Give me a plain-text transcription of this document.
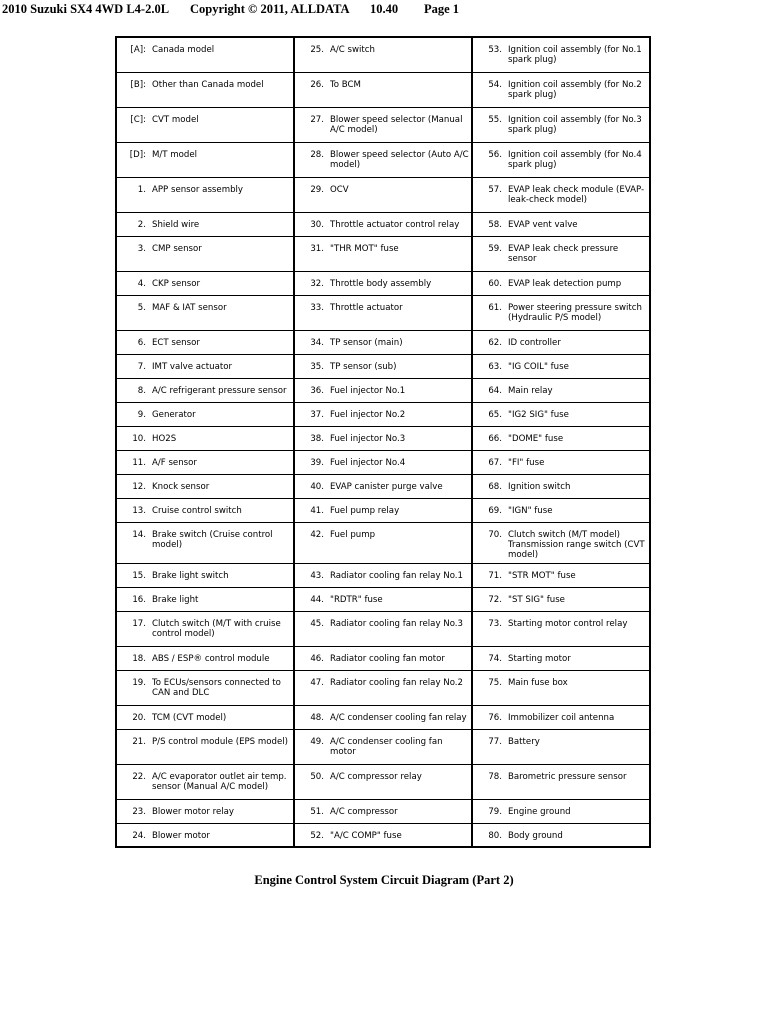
2010 Suzuki SX4 4WD L4-2.0L Copyright © 2011, ALLDATA 10.40 Page 1
[A]:	Canada model	25.	A/C switch	53.	Ignition coil assembly (for No.1 spark plug)
[B]:	Other than Canada model	26.	To BCM	54.	Ignition coil assembly (for No.2 spark plug)
[C]:	CVT model	27.	Blower speed selector (Manual A/C model)	55.	Ignition coil assembly (for No.3 spark plug)
[D]:	M/T model	28.	Blower speed selector (Auto A/C model)	56.	Ignition coil assembly (for No.4 spark plug)
1.	APP sensor assembly	29.	OCV	57.	EVAP leak check module (EVAP-leak-check model)
2.	Shield wire	30.	Throttle actuator control relay	58.	EVAP vent valve
3.	CMP sensor	31.	"THR MOT" fuse	59.	EVAP leak check pressure sensor
4.	CKP sensor	32.	Throttle body assembly	60.	EVAP leak detection pump
5.	MAF & IAT sensor	33.	Throttle actuator	61.	Power steering pressure switch (Hydraulic P/S model)
6.	ECT sensor	34.	TP sensor (main)	62.	ID controller
7.	IMT valve actuator	35.	TP sensor (sub)	63.	"IG COIL" fuse
8.	A/C refrigerant pressure sensor	36.	Fuel injector No.1	64.	Main relay
9.	Generator	37.	Fuel injector No.2	65.	"IG2 SIG" fuse
10.	HO2S	38.	Fuel injector No.3	66.	"DOME" fuse
11.	A/F sensor	39.	Fuel injector No.4	67.	"FI" fuse
12.	Knock sensor	40.	EVAP canister purge valve	68.	Ignition switch
13.	Cruise control switch	41.	Fuel pump relay	69.	"IGN" fuse
14.	Brake switch (Cruise control model)	42.	Fuel pump	70.	Clutch switch (M/T model) Transmission range switch (CVT model)
15.	Brake light switch	43.	Radiator cooling fan relay No.1	71.	"STR MOT" fuse
16.	Brake light	44.	"RDTR" fuse	72.	"ST SIG" fuse
17.	Clutch switch (M/T with cruise control model)	45.	Radiator cooling fan relay No.3	73.	Starting motor control relay
18.	ABS / ESP® control module	46.	Radiator cooling fan motor	74.	Starting motor
19.	To ECUs/sensors connected to CAN and DLC	47.	Radiator cooling fan relay No.2	75.	Main fuse box
20.	TCM (CVT model)	48.	A/C condenser cooling fan relay	76.	Immobilizer coil antenna
21.	P/S control module (EPS model)	49.	A/C condenser cooling fan motor	77.	Battery
22.	A/C evaporator outlet air temp. sensor (Manual A/C model)	50.	A/C compressor relay	78.	Barometric pressure sensor
23.	Blower motor relay	51.	A/C compressor	79.	Engine ground
24.	Blower motor	52.	"A/C COMP" fuse	80.	Body ground
Engine Control System Circuit Diagram (Part 2)
